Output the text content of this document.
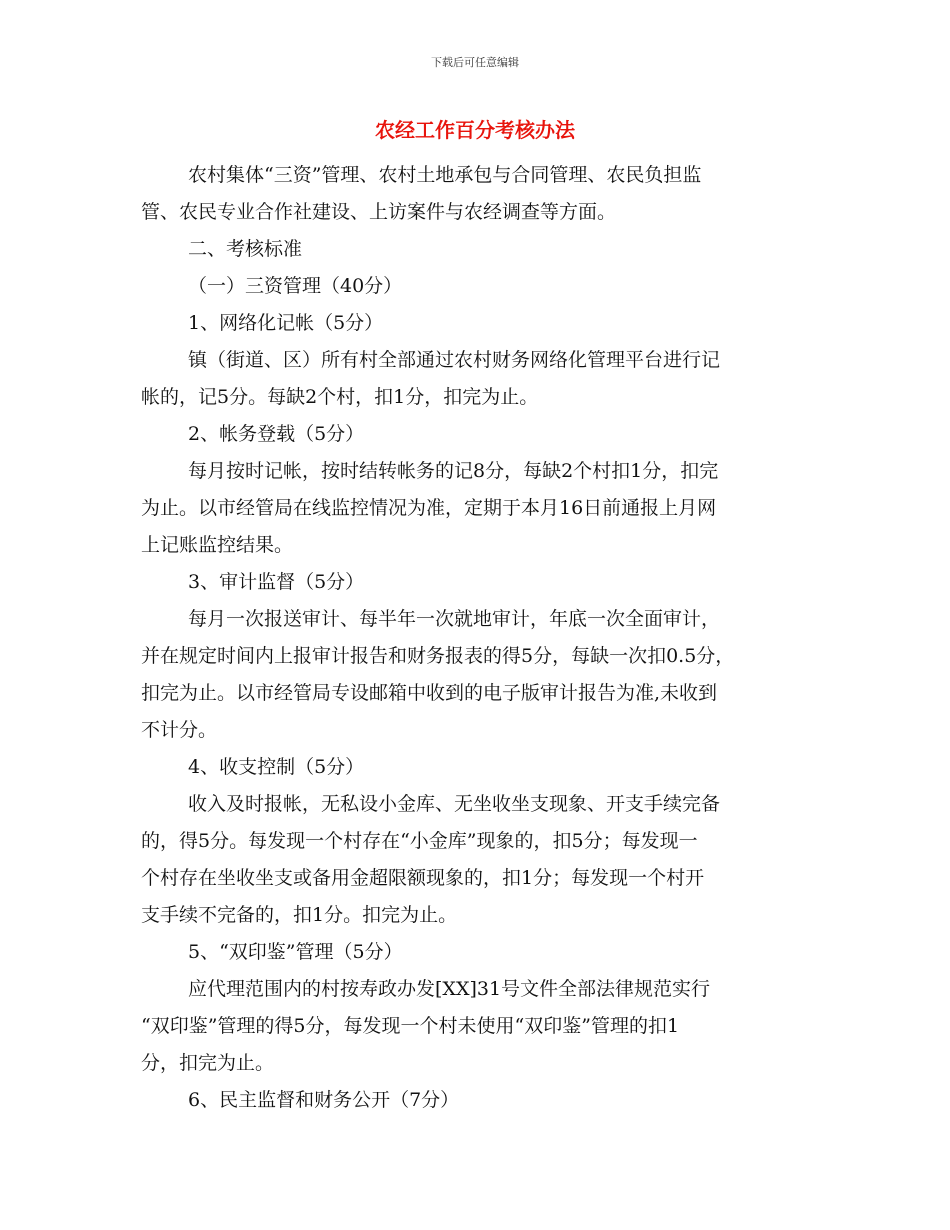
下载后可任意编辑
农经工作百分考核办法
农村集体“三资”管理、农村土地承包与合同管理、农民负担监
管、农民专业合作社建设、上访案件与农经调查等方面。
二、考核标准
（一）三资管理（40分）
1、网络化记帐（5分）
镇（街道、区）所有村全部通过农村财务网络化管理平台进行记
帐的，记5分。每缺2个村，扣1分，扣完为止。
2、帐务登载（5分）
每月按时记帐，按时结转帐务的记8分，每缺2个村扣1分，扣完
为止。以市经管局在线监控情况为准，定期于本月16日前通报上月网
上记账监控结果。
3、审计监督（5分）
每月一次报送审计、每半年一次就地审计，年底一次全面审计，
并在规定时间内上报审计报告和财务报表的得5分，每缺一次扣0.5分，
扣完为止。以市经管局专设邮箱中收到的电子版审计报告为准,未收到
不计分。
4、收支控制（5分）
收入及时报帐，无私设小金库、无坐收坐支现象、开支手续完备
的，得5分。每发现一个村存在“小金库”现象的，扣5分；每发现一
个村存在坐收坐支或备用金超限额现象的，扣1分；每发现一个村开
支手续不完备的，扣1分。扣完为止。
5、“双印鉴”管理（5分）
应代理范围内的村按寿政办发[XX]31号文件全部法律规范实行
“双印鉴”管理的得5分，每发现一个村未使用“双印鉴”管理的扣1
分，扣完为止。
6、民主监督和财务公开（7分）
